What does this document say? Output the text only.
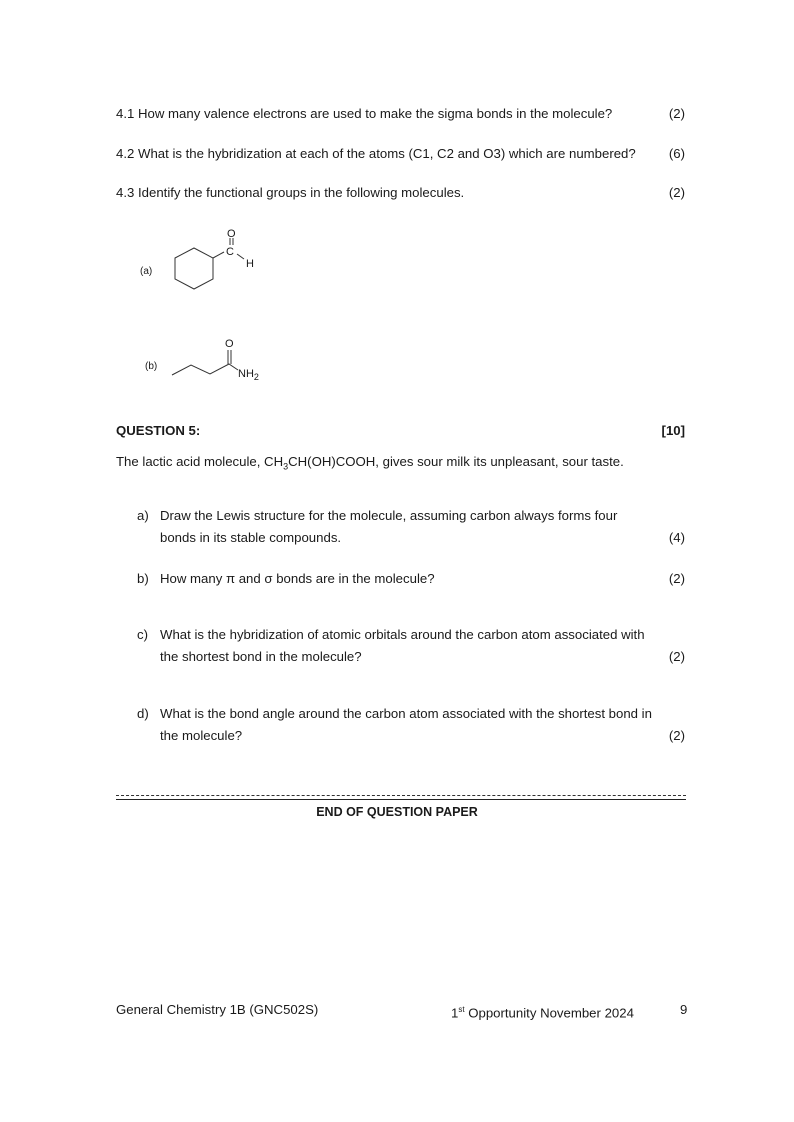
4.1 How many valence electrons are used to make the sigma bonds in the molecule?	(2)
4.2 What is the hybridization at each of the atoms (C1, C2 and O3) which are numbered?	(6)
4.3 Identify the functional groups in the following molecules.	(2)
(a)
O
C
H
(b)
O
$NH_2$
QUESTION 5:	[10]
The lactic acid molecule, $CH_3CH(OH)COOH$, gives sour milk its unpleasant, sour taste.
a) Draw the Lewis structure for the molecule, assuming carbon always forms four
bonds in its stable compounds.	(4)
b) How many π and σ bonds are in the molecule?	(2)
c) What is the hybridization of atomic orbitals around the carbon atom associated with
the shortest bond in the molecule?	(2)
d) What is the bond angle around the carbon atom associated with the shortest bond in
the molecule?	(2)
END OF QUESTION PAPER
General Chemistry 1B (GNC502S)	1st Opportunity November 2024	9
